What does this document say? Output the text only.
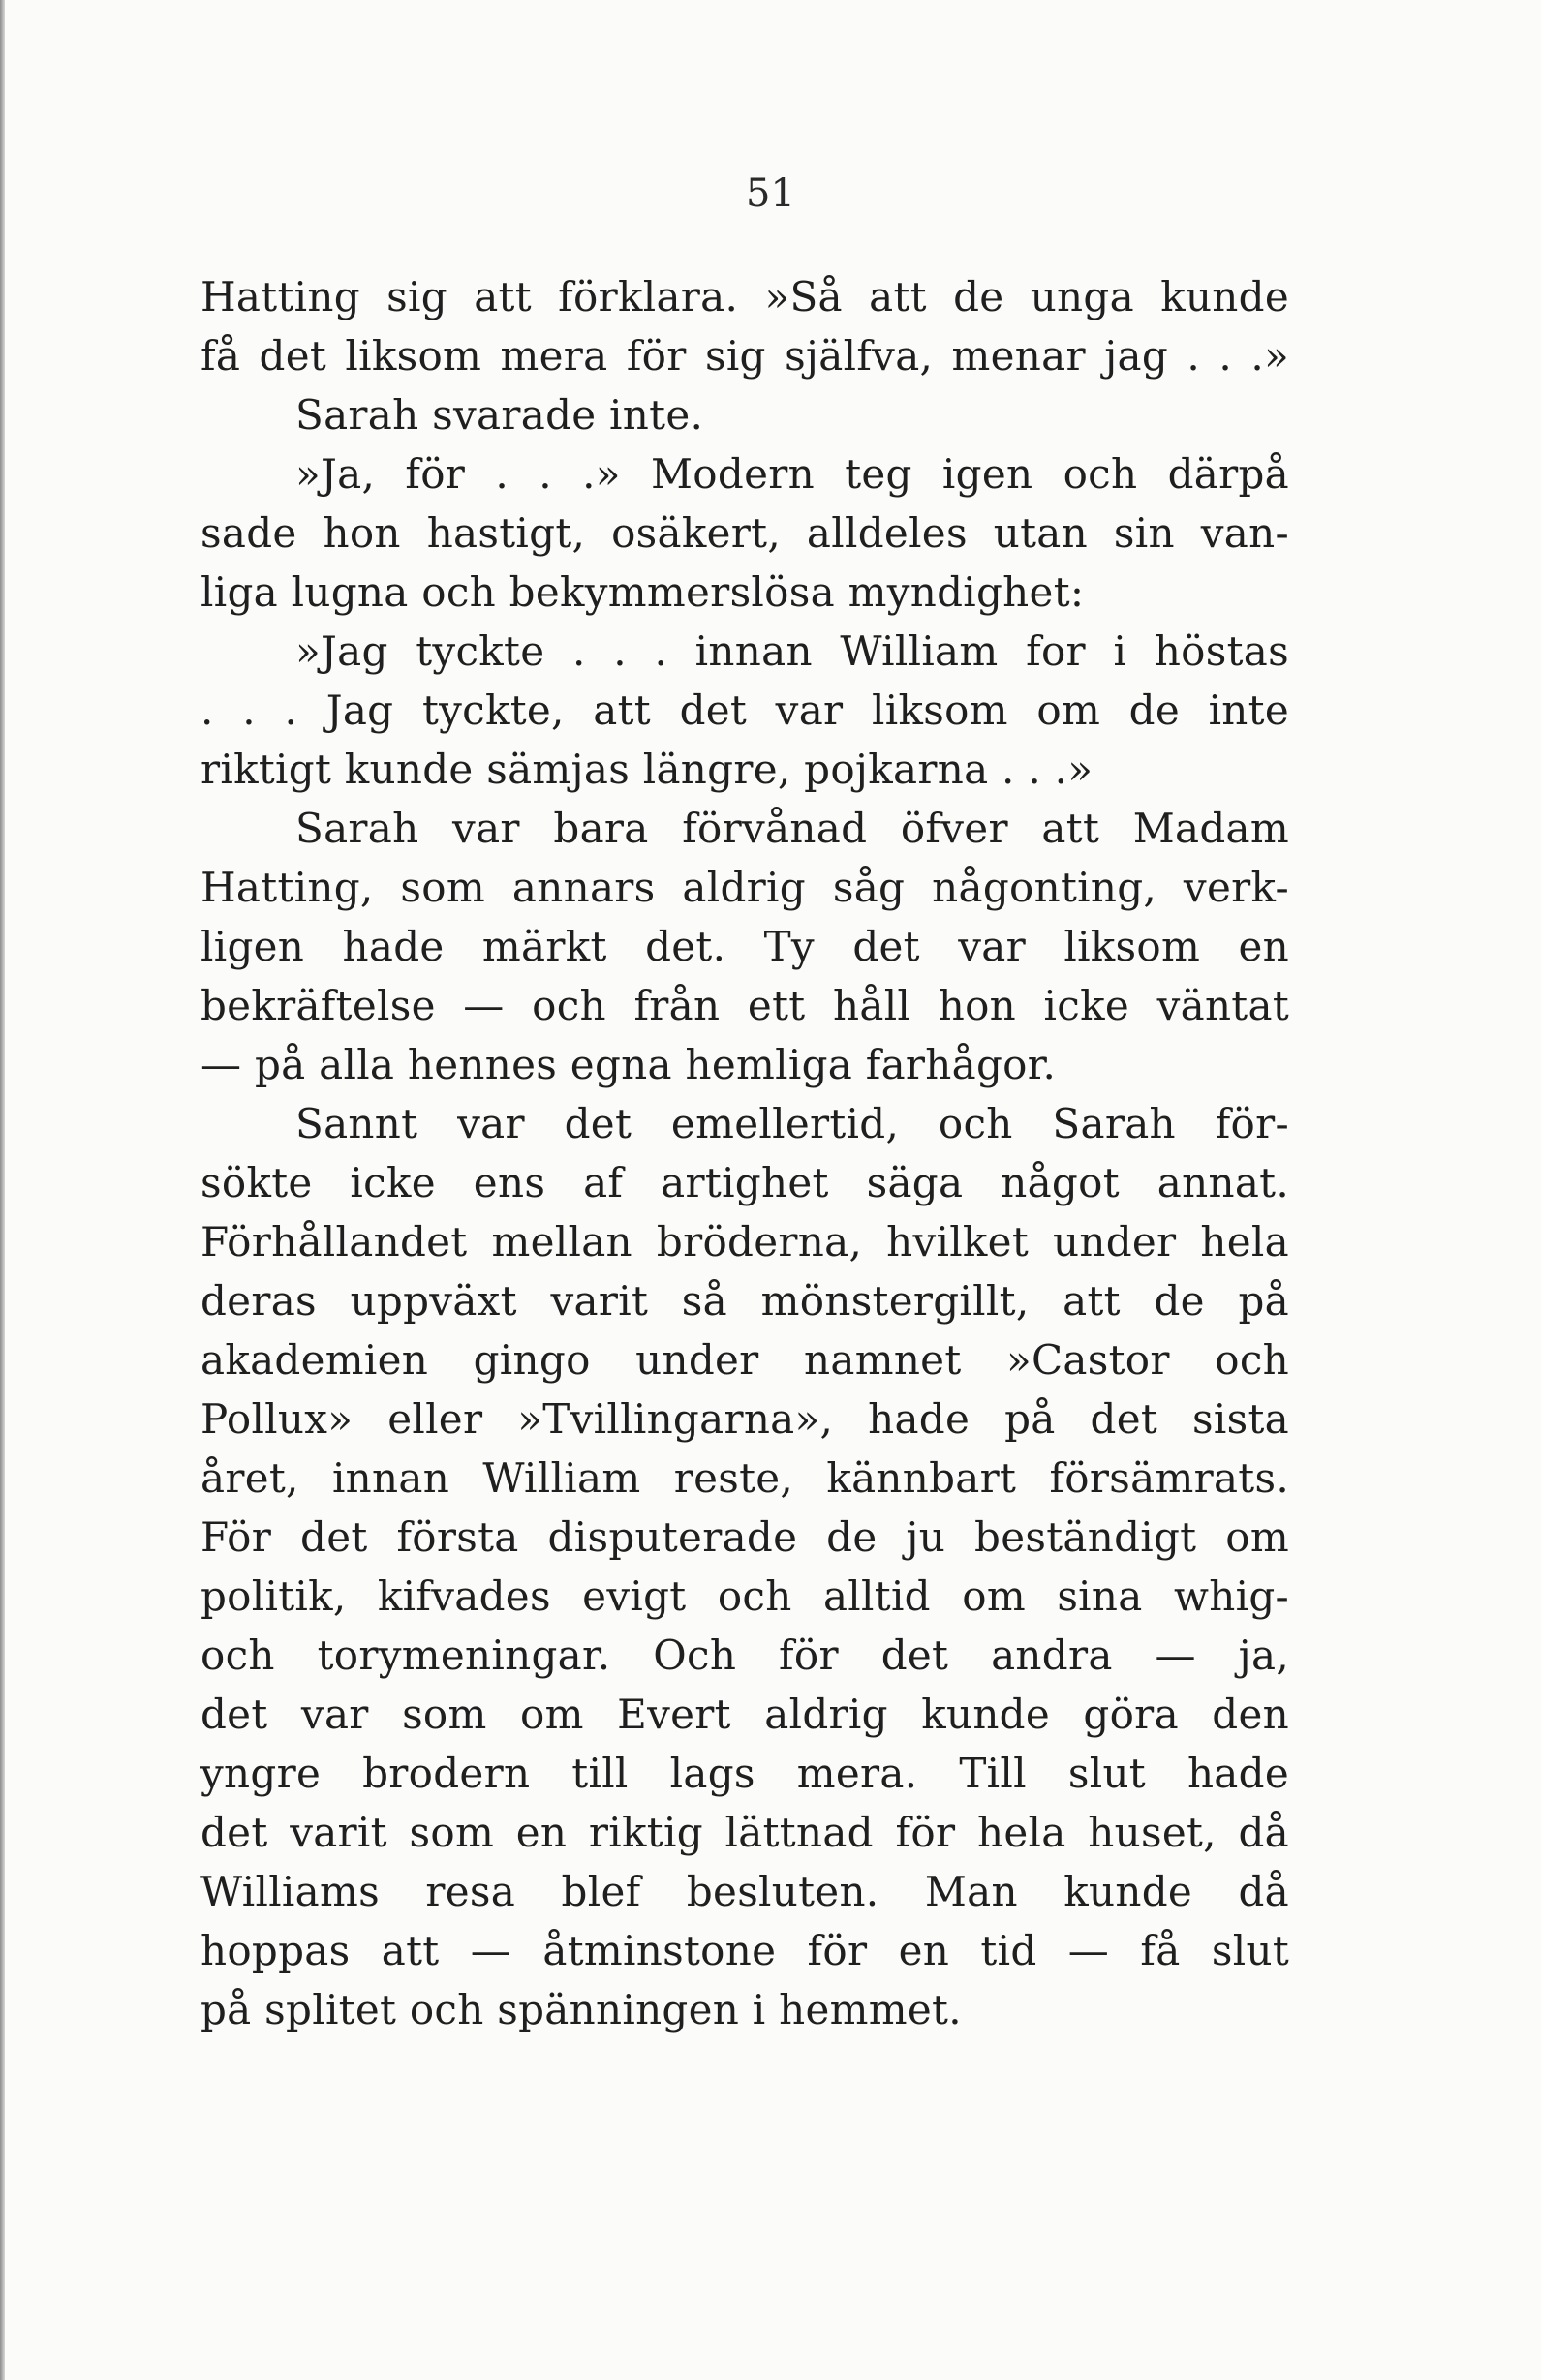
51
Hatting sig att förklara. »Så att de unga kunde
få det liksom mera för sig själfva, menar jag . . .»
Sarah svarade inte.
»Ja, för . . .» Modern teg igen och därpå
sade hon hastigt, osäkert, alldeles utan sin van-
liga lugna och bekymmerslösa myndighet:
»Jag tyckte . . . innan William for i höstas
. . . Jag tyckte, att det var liksom om de inte
riktigt kunde sämjas längre, pojkarna . . .»
Sarah var bara förvånad öfver att Madam
Hatting, som annars aldrig såg någonting, verk-
ligen hade märkt det. Ty det var liksom en
bekräftelse — och från ett håll hon icke väntat
— på alla hennes egna hemliga farhågor.
Sannt var det emellertid, och Sarah för-
sökte icke ens af artighet säga något annat.
Förhållandet mellan bröderna, hvilket under hela
deras uppväxt varit så mönstergillt, att de på
akademien gingo under namnet »Castor och
Pollux» eller »Tvillingarna», hade på det sista
året, innan William reste, kännbart försämrats.
För det första disputerade de ju beständigt om
politik, kifvades evigt och alltid om sina whig-
och torymeningar. Och för det andra — ja,
det var som om Evert aldrig kunde göra den
yngre brodern till lags mera. Till slut hade
det varit som en riktig lättnad för hela huset, då
Williams resa blef besluten. Man kunde då
hoppas att — åtminstone för en tid — få slut
på splitet och spänningen i hemmet.
